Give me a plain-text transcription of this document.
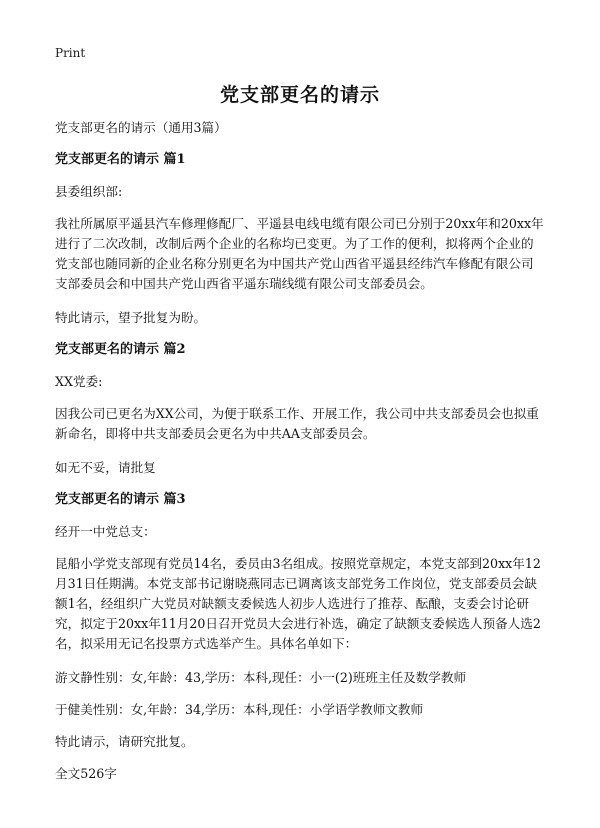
Print
党支部更名的请示

党支部更名的请示（通用3篇）

党支部更名的请示 篇1

县委组织部:

我社所属原平遥县汽车修理修配厂、平遥县电线电缆有限公司已分别于20xx年和20xx年进行了二次改制，改制后两个企业的名称均已变更。为了工作的便利，拟将两个企业的党支部也随同新的企业名称分别更名为中国共产党山西省平遥县经纬汽车修配有限公司支部委员会和中国共产党山西省平遥东瑞线缆有限公司支部委员会。

特此请示，望予批复为盼。

党支部更名的请示 篇2

XX党委:

因我公司已更名为XX公司，为便于联系工作、开展工作，我公司中共支部委员会也拟重新命名，即将中共支部委员会更名为中共AA支部委员会。

如无不妥，请批复

党支部更名的请示 篇3

经开一中党总支：

昆船小学党支部现有党员14名，委员由3名组成。按照党章规定，本党支部到20xx年12月31日任期满。本党支部书记谢晓燕同志已调离该支部党务工作岗位，党支部委员会缺额1名，经组织广大党员对缺额支委候选人初步人选进行了推荐、酝酿，支委会讨论研究，拟定于20xx年11月20日召开党员大会进行补选，确定了缺额支委候选人预备人选2名，拟采用无记名投票方式选举产生。具体名单如下：

游文静性别：女,年龄：43,学历：本科,现任：小一(2)班班主任及数学教师

于健美性别：女,年龄：34,学历：本科,现任：小学语学教师文教师

特此请示，请研究批复。

全文526字
